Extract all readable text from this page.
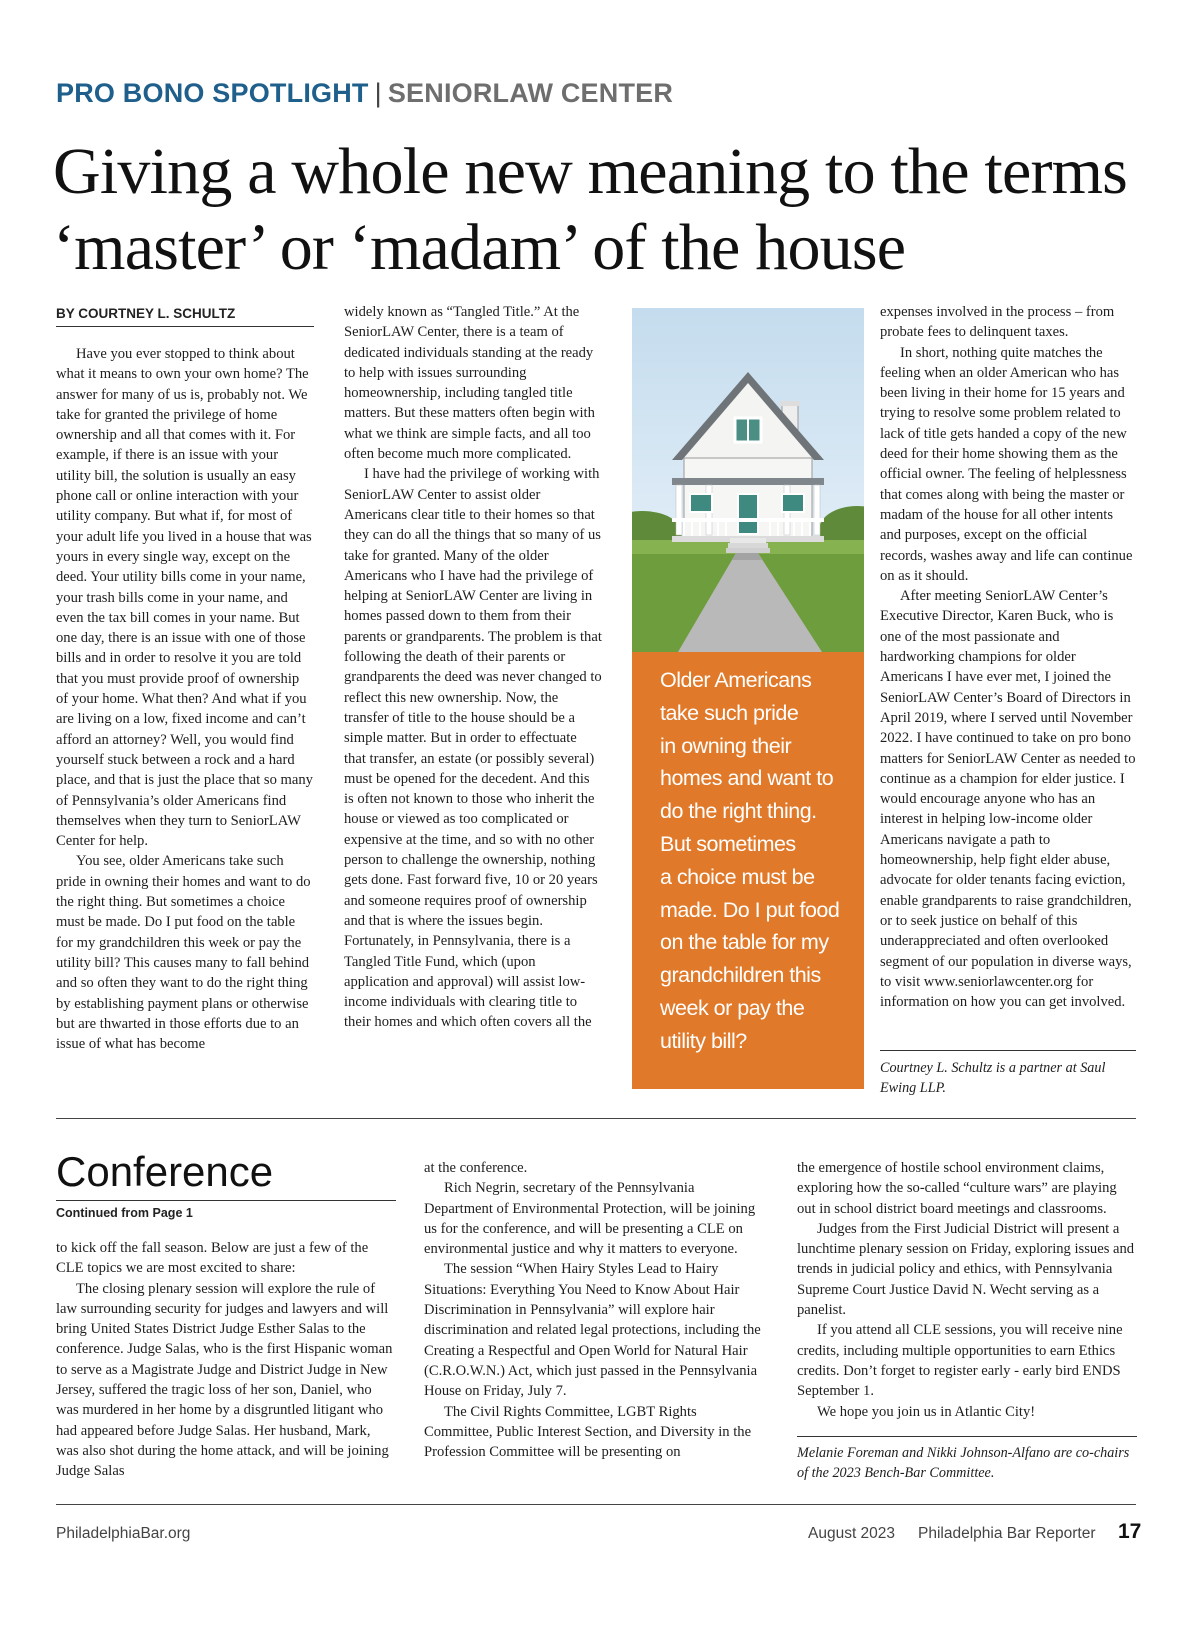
PRO BONO SPOTLIGHT | SENIORLAW CENTER
Giving a whole new meaning to the terms ‘master’ or ‘madam’ of the house
BY COURTNEY L. SCHULTZ

Have you ever stopped to think about what it means to own your own home? The answer for many of us is, probably not. We take for granted the privilege of home ownership and all that comes with it. For example, if there is an issue with your utility bill, the solution is usually an easy phone call or online interaction with your utility company. But what if, for most of your adult life you lived in a house that was yours in every single way, except on the deed. Your utility bills come in your name, your trash bills come in your name, and even the tax bill comes in your name. But one day, there is an issue with one of those bills and in order to resolve it you are told that you must provide proof of ownership of your home. What then? And what if you are living on a low, fixed income and can’t afford an attorney? Well, you would find yourself stuck between a rock and a hard place, and that is just the place that so many of Pennsylvania’s older Americans find themselves when they turn to SeniorLAW Center for help.

You see, older Americans take such pride in owning their homes and want to do the right thing. But sometimes a choice must be made. Do I put food on the table for my grandchildren this week or pay the utility bill? This causes many to fall behind and so often they want to do the right thing by establishing payment plans or otherwise but are thwarted in those efforts due to an issue of what has become

widely known as “Tangled Title.” At the SeniorLAW Center, there is a team of dedicated individuals standing at the ready to help with issues surrounding homeownership, including tangled title matters. But these matters often begin with what we think are simple facts, and all too often become much more complicated.

I have had the privilege of working with SeniorLAW Center to assist older Americans clear title to their homes so that they can do all the things that so many of us take for granted. Many of the older Americans who I have had the privilege of helping at SeniorLAW Center are living in homes passed down to them from their parents or grandparents. The problem is that following the death of their parents or grandparents the deed was never changed to reflect this new ownership. Now, the transfer of title to the house should be a simple matter. But in order to effectuate that transfer, an estate (or possibly several) must be opened for the decedent. And this is often not known to those who inherit the house or viewed as too complicated or expensive at the time, and so with no other person to challenge the ownership, nothing gets done. Fast forward five, 10 or 20 years and someone requires proof of ownership and that is where the issues begin. Fortunately, in Pennsylvania, there is a Tangled Title Fund, which (upon application and approval) will assist low-income individuals with clearing title to their homes and which often covers all the

Older Americans
take such pride
in owning their
homes and want to
do the right thing.
But sometimes
a choice must be
made. Do I put food
on the table for my
grandchildren this
week or pay the
utility bill?

expenses involved in the process – from probate fees to delinquent taxes.

In short, nothing quite matches the feeling when an older American who has been living in their home for 15 years and trying to resolve some problem related to lack of title gets handed a copy of the new deed for their home showing them as the official owner. The feeling of helplessness that comes along with being the master or madam of the house for all other intents and purposes, except on the official records, washes away and life can continue on as it should.

After meeting SeniorLAW Center’s Executive Director, Karen Buck, who is one of the most passionate and hardworking champions for older Americans I have ever met, I joined the SeniorLAW Center’s Board of Directors in April 2019, where I served until November 2022. I have continued to take on pro bono matters for SeniorLAW Center as needed to continue as a champion for elder justice. I would encourage anyone who has an interest in helping low-income older Americans navigate a path to homeownership, help fight elder abuse, advocate for older tenants facing eviction, enable grandparents to raise grandchildren, or to seek justice on behalf of this underappreciated and often overlooked segment of our population in diverse ways, to visit www.seniorlawcenter.org for information on how you can get involved.

Courtney L. Schultz is a partner at Saul Ewing LLP.
Conference
Continued from Page 1

to kick off the fall season. Below are just a few of the CLE topics we are most excited to share:

The closing plenary session will explore the rule of law surrounding security for judges and lawyers and will bring United States District Judge Esther Salas to the conference. Judge Salas, who is the first Hispanic woman to serve as a Magistrate Judge and District Judge in New Jersey, suffered the tragic loss of her son, Daniel, who was murdered in her home by a disgruntled litigant who had appeared before Judge Salas. Her husband, Mark, was also shot during the home attack, and will be joining Judge Salas

at the conference.

Rich Negrin, secretary of the Pennsylvania Department of Environmental Protection, will be joining us for the conference, and will be presenting a CLE on environmental justice and why it matters to everyone.

The session “When Hairy Styles Lead to Hairy Situations: Everything You Need to Know About Hair Discrimination in Pennsylvania” will explore hair discrimination and related legal protections, including the Creating a Respectful and Open World for Natural Hair (C.R.O.W.N.) Act, which just passed in the Pennsylvania House on Friday, July 7.

The Civil Rights Committee, LGBT Rights Committee, Public Interest Section, and Diversity in the Profession Committee will be presenting on

the emergence of hostile school environment claims, exploring how the so-called “culture wars” are playing out in school district board meetings and classrooms.

Judges from the First Judicial District will present a lunchtime plenary session on Friday, exploring issues and trends in judicial policy and ethics, with Pennsylvania Supreme Court Justice David N. Wecht serving as a panelist.

If you attend all CLE sessions, you will receive nine credits, including multiple opportunities to earn Ethics credits. Don’t forget to register early - early bird ENDS September 1.

We hope you join us in Atlantic City!

Melanie Foreman and Nikki Johnson-Alfano are co-chairs of the 2023 Bench-Bar Committee.
PhiladelphiaBar.org	August 2023 Philadelphia Bar Reporter 17
